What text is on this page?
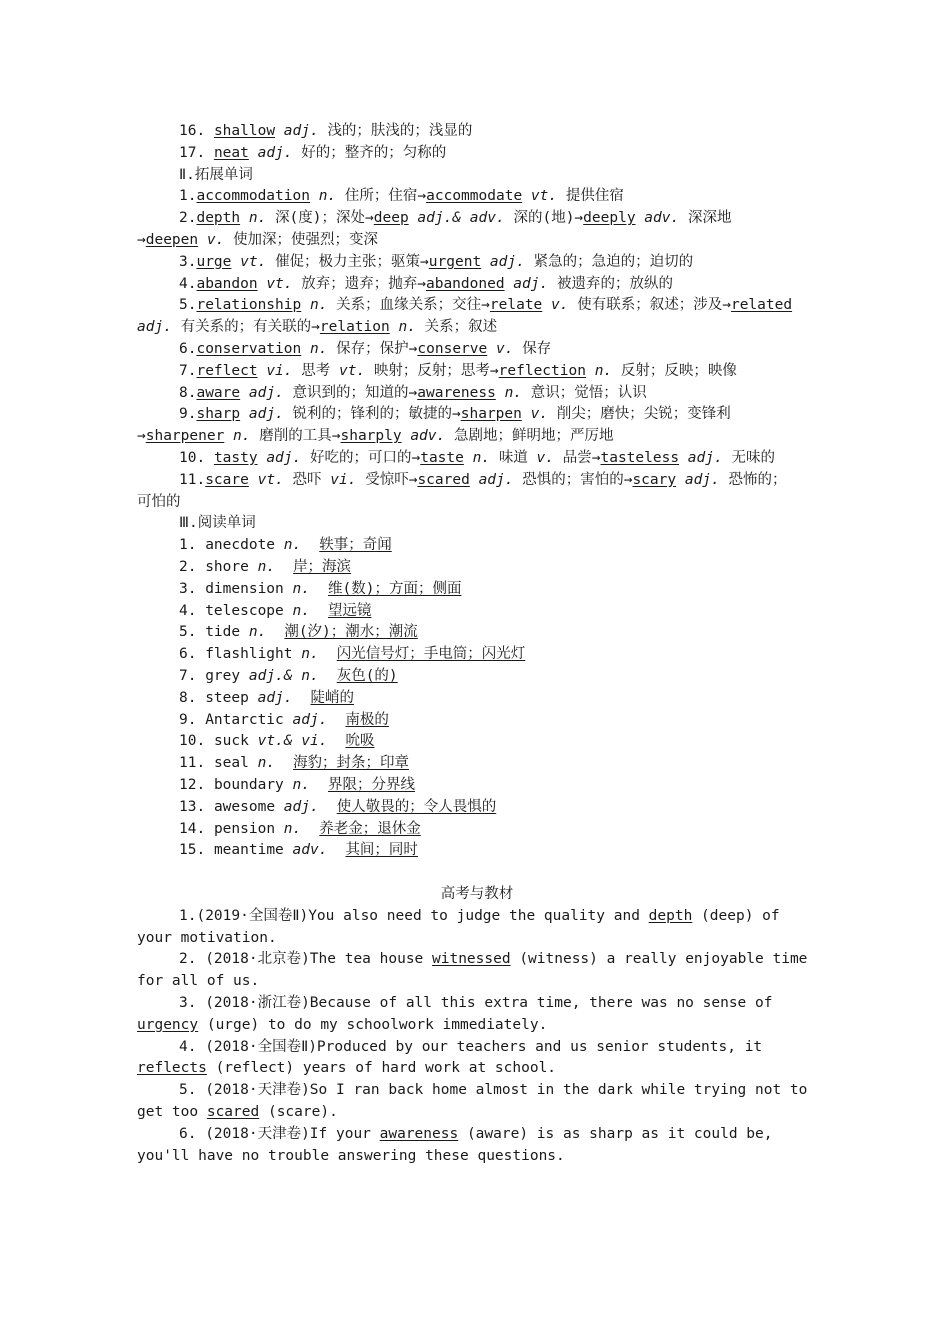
16. shallow adj. 浅的；肤浅的；浅显的
17. neat adj. 好的；整齐的；匀称的
Ⅱ.拓展单词
1.accommodation n. 住所；住宿→accommodate vt. 提供住宿
2.depth n. 深(度)；深处→deep adj.& adv. 深的(地)→deeply adv. 深深地
→deepen v. 使加深；使强烈；变深
3.urge vt. 催促；极力主张；驱策→urgent adj. 紧急的；急迫的；迫切的
4.abandon vt. 放弃；遗弃；抛弃→abandoned adj. 被遗弃的；放纵的
5.relationship n. 关系；血缘关系；交往→relate v. 使有联系；叙述；涉及→related
adj. 有关系的；有关联的→relation n. 关系；叙述
6.conservation n. 保存；保护→conserve v. 保存
7.reflect vi. 思考 vt. 映射；反射；思考→reflection n. 反射；反映；映像
8.aware adj. 意识到的；知道的→awareness n. 意识；觉悟；认识
9.sharp adj. 锐利的；锋利的；敏捷的→sharpen v. 削尖；磨快；尖锐；变锋利
→sharpener n. 磨削的工具→sharply adv. 急剧地；鲜明地；严厉地
10. tasty adj. 好吃的；可口的→taste n. 味道 v. 品尝→tasteless adj. 无味的
11.scare vt. 恐吓 vi. 受惊吓→scared adj. 恐惧的；害怕的→scary adj. 恐怖的；
可怕的
Ⅲ.阅读单词
1. anecdote n. 轶事；奇闻
2. shore n. 岸；海滨
3. dimension n. 维(数)；方面；侧面
4. telescope n. 望远镜
5. tide n. 潮(汐)；潮水；潮流
6. flashlight n. 闪光信号灯；手电筒；闪光灯
7. grey adj.& n. 灰色(的)
8. steep adj. 陡峭的
9. Antarctic adj. 南极的
10. suck vt.& vi. 吮吸
11. seal n. 海豹；封条；印章
12. boundary n. 界限；分界线
13. awesome adj. 使人敬畏的；令人畏惧的
14. pension n. 养老金；退休金
15. meantime adv. 其间；同时
高考与教材
1.(2019·全国卷Ⅱ)You also need to judge the quality and depth (deep) of
your motivation.
2. (2018·北京卷)The tea house witnessed (witness) a really enjoyable time
for all of us.
3. (2018·浙江卷)Because of all this extra time, there was no sense of
urgency (urge) to do my schoolwork immediately.
4. (2018·全国卷Ⅱ)Produced by our teachers and us senior students, it
reflects (reflect) years of hard work at school.
5. (2018·天津卷)So I ran back home almost in the dark while trying not to
get too scared (scare).
6. (2018·天津卷)If your awareness (aware) is as sharp as it could be,
you'll have no trouble answering these questions.
